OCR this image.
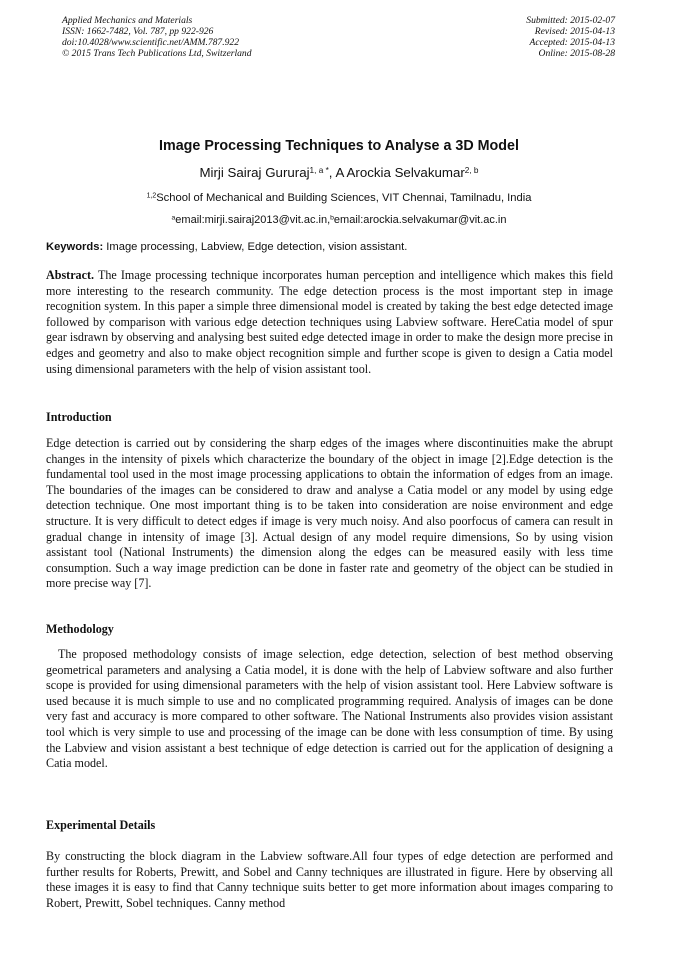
Applied Mechanics and Materials
ISSN: 1662-7482, Vol. 787, pp 922-926
doi:10.4028/www.scientific.net/AMM.787.922
© 2015 Trans Tech Publications Ltd, Switzerland
Submitted: 2015-02-07
Revised: 2015-04-13
Accepted: 2015-04-13
Online: 2015-08-28
Image Processing Techniques to Analyse a 3D Model
Mirji Sairaj Gururaj$^{1, a *}$, A Arockia Selvakumar$^{2, b}$
$^{1,2}$School of Mechanical and Building Sciences, VIT Chennai, Tamilnadu, India
$^a$email:mirji.sairaj2013@vit.ac.in,$^b$email:arockia.selvakumar@vit.ac.in
Keywords: Image processing, Labview, Edge detection, vision assistant.

Abstract. The Image processing technique incorporates human perception and intelligence which makes this field more interesting to the research community. The edge detection process is the most important step in image recognition system. In this paper a simple three dimensional model is created by taking the best edge detected image followed by comparison with various edge detection techniques using Labview software. HereCatia model of spur gear isdrawn by observing and analysing best suited edge detected image in order to make the design more precise in edges and geometry and also to make object recognition simple and further scope is given to design a Catia model using dimensional parameters with the help of vision assistant tool.

Introduction

Edge detection is carried out by considering the sharp edges of the images where discontinuities make the abrupt changes in the intensity of pixels which characterize the boundary of the object in image [2].Edge detection is the fundamental tool used in the most image processing applications to obtain the information of edges from an image. The boundaries of the images can be considered to draw and analyse a Catia model or any model by using edge detection technique. One most important thing is to be taken into consideration are noise environment and edge structure. It is very difficult to detect edges if image is very much noisy. And also poorfocus of camera can result in gradual change in intensity of image [3]. Actual design of any model require dimensions, So by using vision assistant tool (National Instruments) the dimension along the edges can be measured easily with less time consumption. Such a way image prediction can be done in faster rate and geometry of the object can be studied in more precise way [7].

Methodology

The proposed methodology consists of image selection, edge detection, selection of best method observing geometrical parameters and analysing a Catia model, it is done with the help of Labview software and also further scope is provided for using dimensional parameters with the help of vision assistant tool. Here Labview software is used because it is much simple to use and no complicated programming required. Analysis of images can be done very fast and accuracy is more compared to other software. The National Instruments also provides vision assistant tool which is very simple to use and processing of the image can be done with less consumption of time. By using the Labview and vision assistant a best technique of edge detection is carried out for the application of designing a Catia model.

Experimental Details

By constructing the block diagram in the Labview software.All four types of edge detection are performed and further results for Roberts, Prewitt, and Sobel and Canny techniques are illustrated in figure. Here by observing all these images it is easy to find that Canny technique suits better to get more information about images comparing to Robert, Prewitt, Sobel techniques. Canny method
